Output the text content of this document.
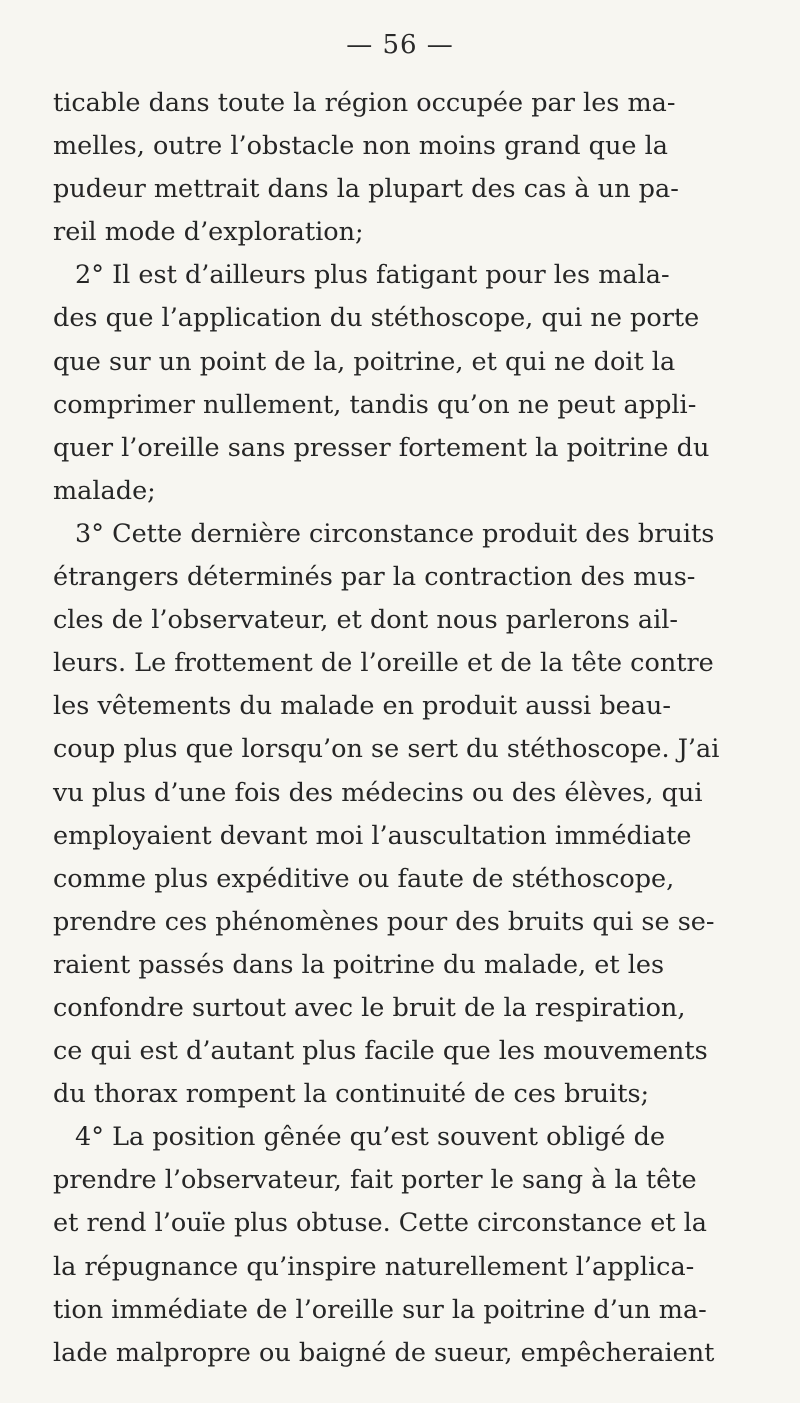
— 56 —
ticable dans toute la région occupée par les ma-
melles, outre l’obstacle non moins grand que la
pudeur mettrait dans la plupart des cas à un pa-
reil mode d’exploration;
2° Il est d’ailleurs plus fatigant pour les mala-
des que l’application du stéthoscope, qui ne porte
que sur un point de la, poitrine, et qui ne doit la
comprimer nullement, tandis qu’on ne peut appli-
quer l’oreille sans presser fortement la poitrine du
malade;
3° Cette dernière circonstance produit des bruits
étrangers déterminés par la contraction des mus-
cles de l’observateur, et dont nous parlerons ail-
leurs. Le frottement de l’oreille et de la tête contre
les vêtements du malade en produit aussi beau-
coup plus que lorsqu’on se sert du stéthoscope. J’ai
vu plus d’une fois des médecins ou des élèves, qui
employaient devant moi l’auscultation immédiate
comme plus expéditive ou faute de stéthoscope,
prendre ces phénomènes pour des bruits qui se se-
raient passés dans la poitrine du malade, et les
confondre surtout avec le bruit de la respiration,
ce qui est d’autant plus facile que les mouvements
du thorax rompent la continuité de ces bruits;
4° La position gênée qu’est souvent obligé de
prendre l’observateur, fait porter le sang à la tête
et rend l’ouïe plus obtuse. Cette circonstance et la
la répugnance qu’inspire naturellement l’applica-
tion immédiate de l’oreille sur la poitrine d’un ma-
lade malpropre ou baigné de sueur, empêcheraient
